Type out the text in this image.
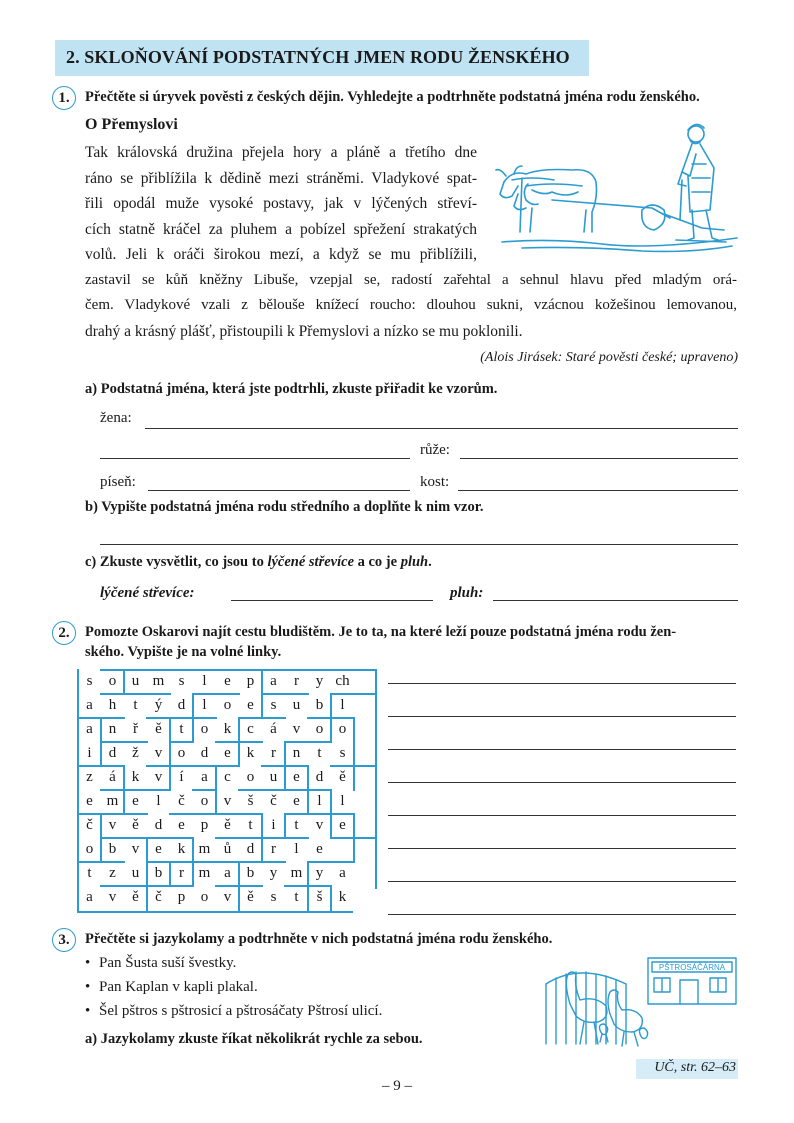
2. SKLOŇOVÁNÍ PODSTATNÝCH JMEN RODU ŽENSKÉHO
1.	Přečtěte si úryvek pověsti z českých dějin. Vyhledejte a podtrhněte podstatná jména rodu ženského.
O Přemyslovi
Tak královská družina přejela hory a pláně a třetího dne
ráno se přiblížila k dědině mezi stráněmi. Vladykové spat-
řili opodál muže vysoké postavy, jak v lýčených střeví-
cích statně kráčel za pluhem a pobízel spřežení strakatých
volů. Jeli k oráči širokou mezí, a když se mu přiblížili,
zastavil se kůň kněžny Libuše, vzepjal se, radostí zařehtal a sehnul hlavu před mladým orá-
čem. Vladykové vzali z bělouše knížecí roucho: dlouhou sukni, vzácnou kožešinou lemovanou,
drahý a krásný plášť, přistoupili k Přemyslovi a nízko se mu poklonili.
(Alois Jirásek: Staré pověsti české; upraveno)
a) Podstatná jména, která jste podtrhli, zkuste přiřadit ke vzorům.
žena:
růže:
píseň:	kost:
b) Vypište podstatná jména rodu středního a doplňte k nim vzor.
c) Zkuste vysvětlit, co jsou to lýčené střevíce a co je pluh.
lýčené střevíce:	pluh:
2.	Pomozte Oskarovi najít cestu bludištěm. Je to ta, na které leží pouze podstatná jména rodu žen-
ského. Vypište je na volné linky.
s	o	u m s	l	e	p	a	r	y ch
a	h	t	ý	d	l	o	e	s	u	b	l
a	n	ř	ě	t	o	k	c	á	v	o	o
i	d	ž	v	o	d	e	k	r	n	t	s
z	á	k	v	í	a	c	o	u	e	d	ě
e m e	l	č	o	v	š	č	e	l	l
č	v	ě	d	e	p	ě	t	i	t	v	e
o	b	v	e	k m ů	d	r	l	e
t	z	u	b	r m a	b	y m y	a
a	v	ě	č	p	o	v	ě	s	t	š	k
3.	Přečtěte si jazykolamy a podtrhněte v nich podstatná jména rodu ženského.
• Pan Šusta suší švestky.
• Pan Kaplan v kapli plakal.
• Šel pštros s pštrosicí a pštrosáčaty Pštrosí ulicí.
a) Jazykolamy zkuste říkat několikrát rychle za sebou.
PŠTROSÁČÁRNA
UČ, str. 62–63
– 9 –
